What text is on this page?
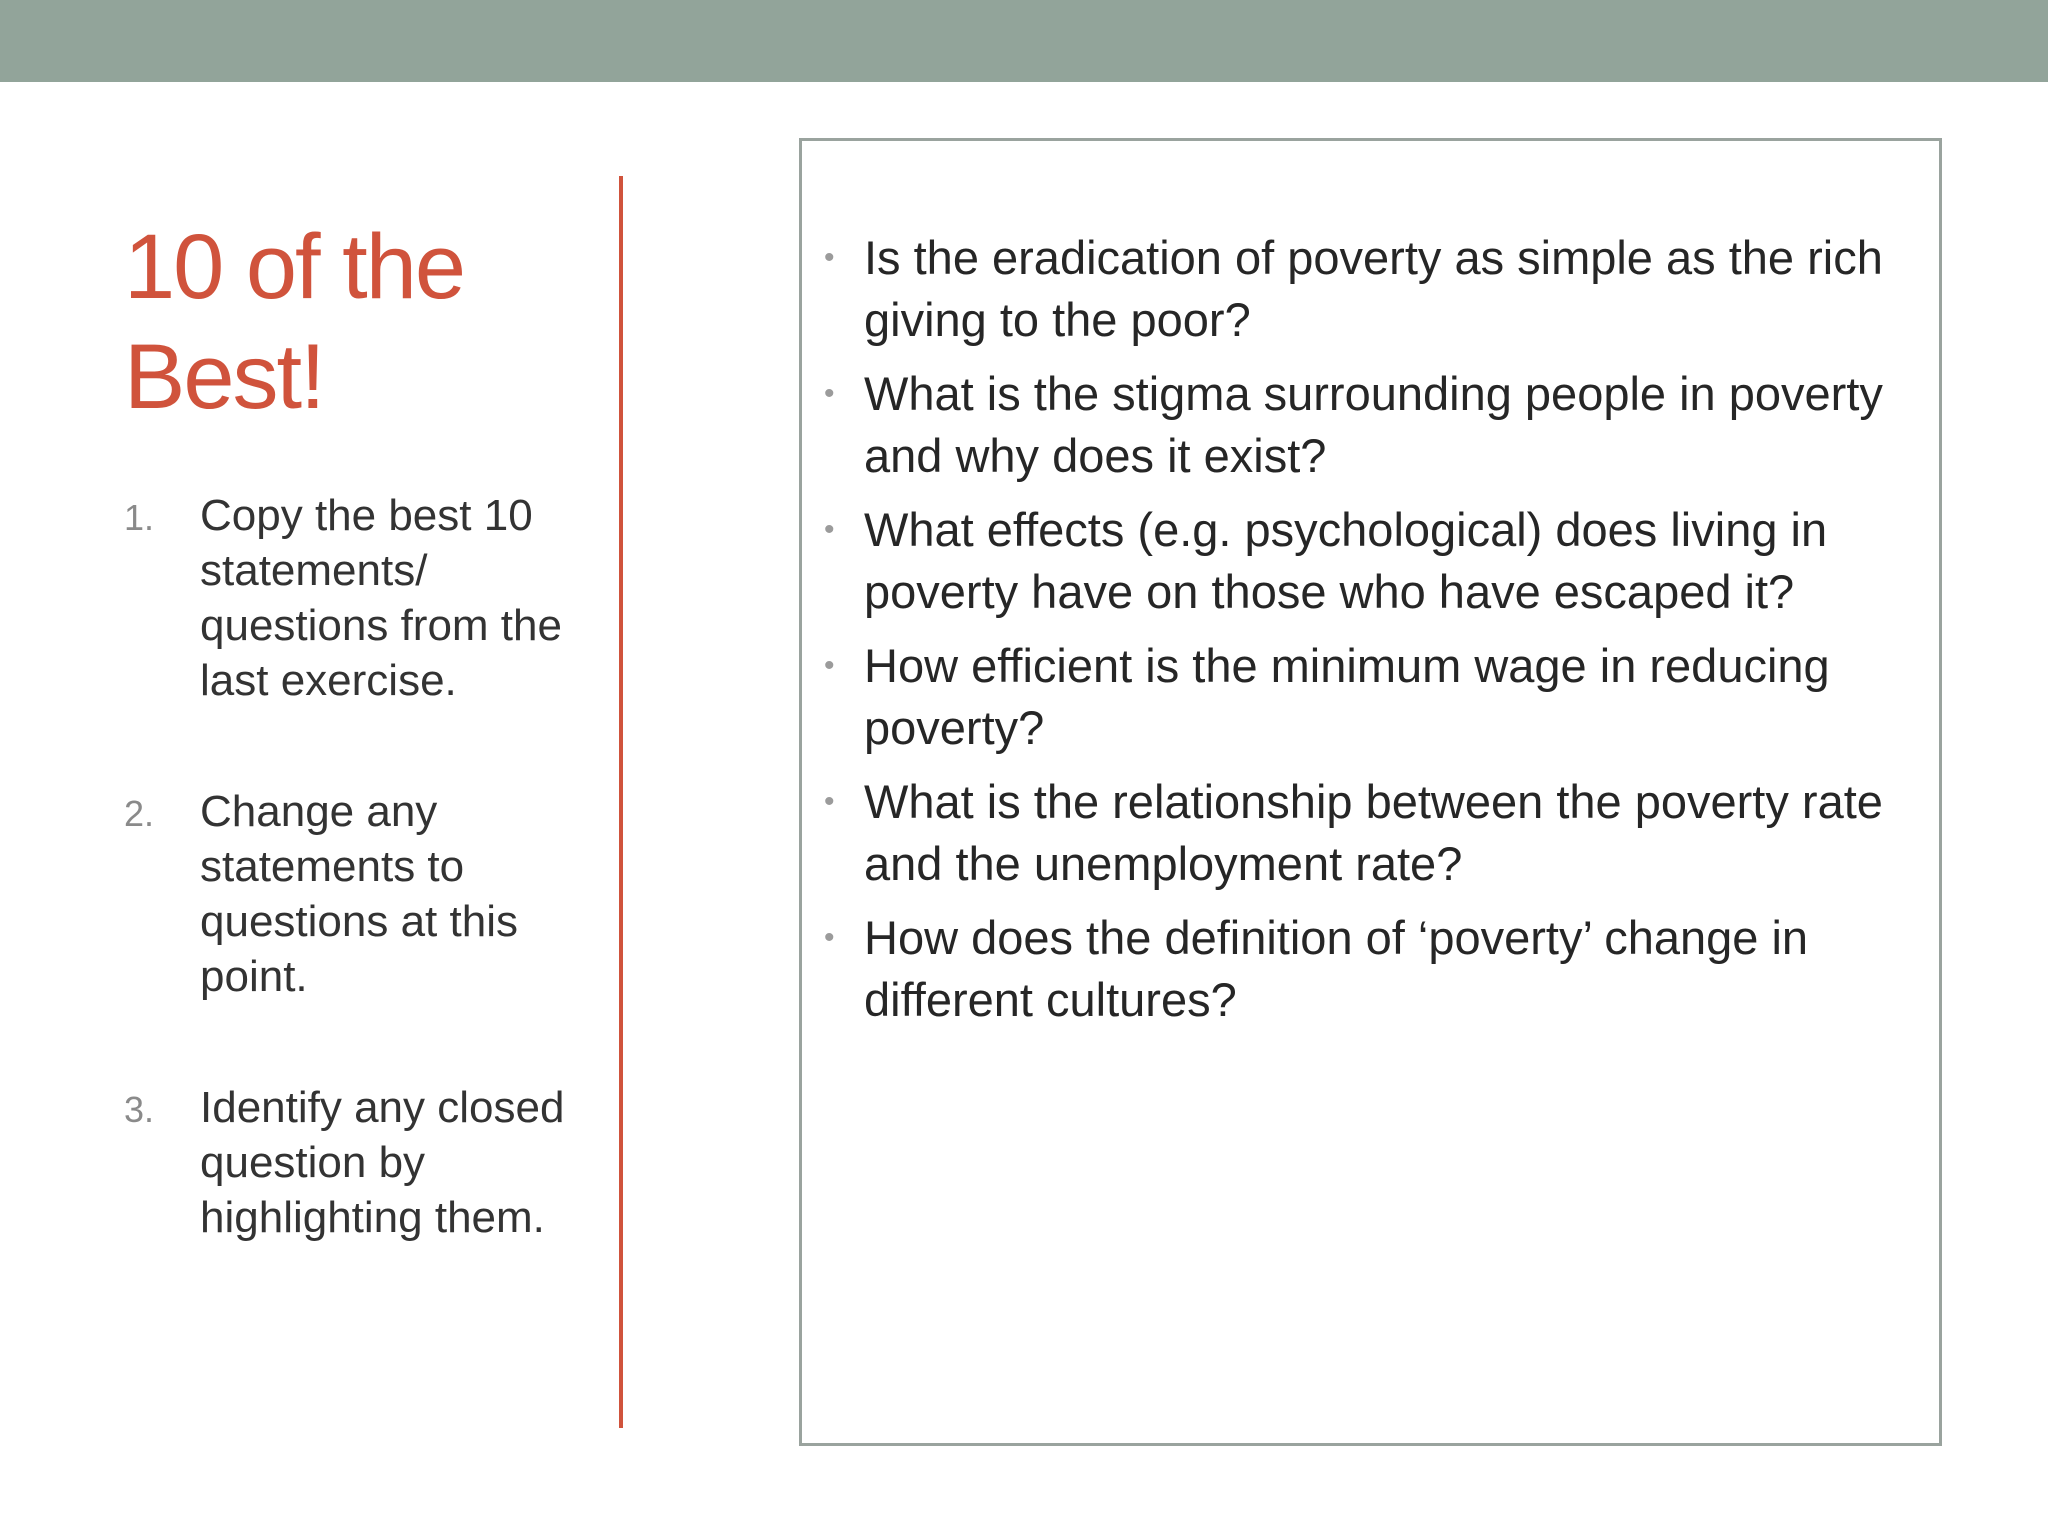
10 of the Best!
1. Copy the best 10 statements/ questions from the last exercise.
2. Change any statements to questions at this point.
3. Identify any closed question by highlighting them.
• Is the eradication of poverty as simple as the rich giving to the poor?
• What is the stigma surrounding people in poverty and why does it exist?
• What effects (e.g. psychological) does living in poverty have on those who have escaped it?
• How efficient is the minimum wage in reducing poverty?
• What is the relationship between the poverty rate and the unemployment rate?
• How does the definition of ‘poverty’ change in different cultures?
